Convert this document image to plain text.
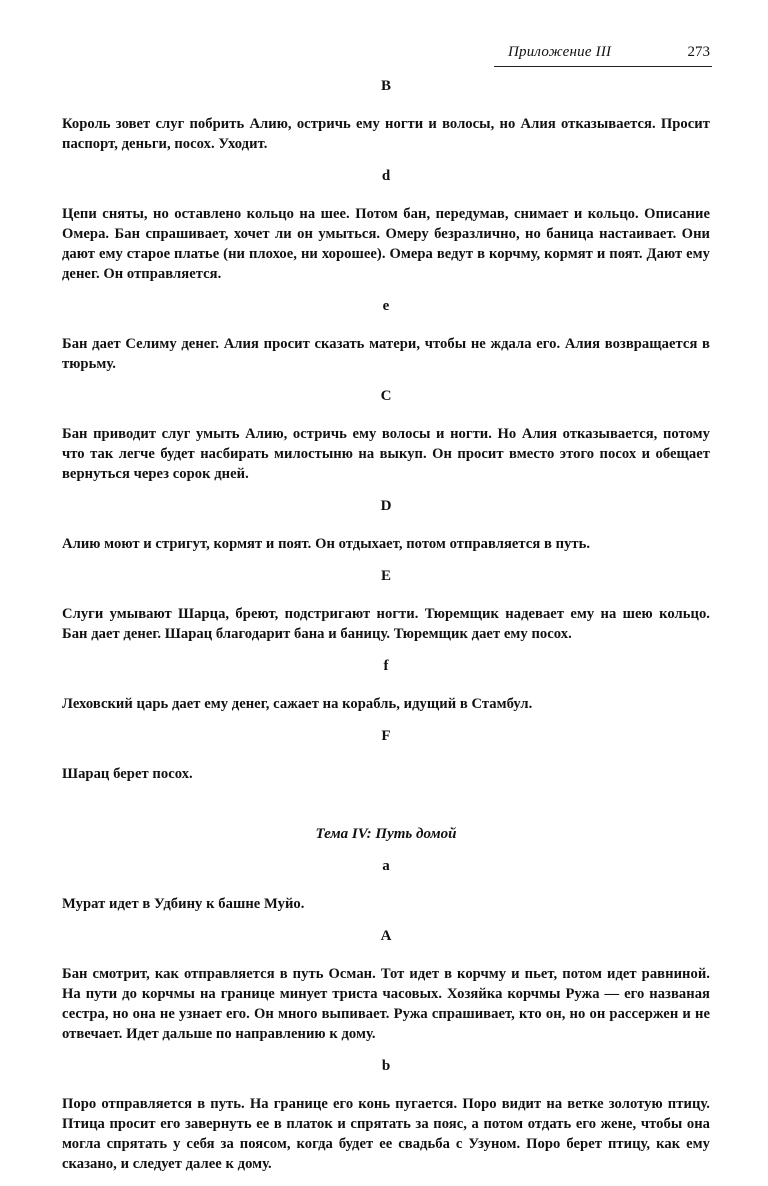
Приложение III	273
B

Король зовет слуг побрить Алию, остричь ему ногти и волосы, но Алия отказывается. Просит паспорт, деньги, посох. Уходит.

d

Цепи сняты, но оставлено кольцо на шее. Потом бан, передумав, снимает и кольцо. Описание Омера. Бан спрашивает, хочет ли он умыться. Омеру безразлично, но баница настаивает. Они дают ему старое платье (ни плохое, ни хорошее). Омера ведут в корчму, кормят и поят. Дают ему денег. Он отправляется.

e

Бан дает Селиму денег. Алия просит сказать матери, чтобы не ждала его. Алия возвращается в тюрьму.

C

Бан приводит слуг умыть Алию, остричь ему волосы и ногти. Но Алия отказывается, потому что так легче будет насбирать милостыню на выкуп. Он просит вместо этого посох и обещает вернуться через сорок дней.

D

Алию моют и стригут, кормят и поят. Он отдыхает, потом отправляется в путь.

E

Слуги умывают Шарца, бреют, подстригают ногти. Тюремщик надевает ему на шею кольцо. Бан дает денег. Шарац благодарит бана и баницу. Тюремщик дает ему посох.

f

Леховский царь дает ему денег, сажает на корабль, идущий в Стамбул.

F

Шарац берет посох.

Тема IV: Путь домой
a

Мурат идет в Удбину к башне Муйо.

A

Бан смотрит, как отправляется в путь Осман. Тот идет в корчму и пьет, потом идет равниной. На пути до корчмы на границе минует триста часовых. Хозяйка корчмы Ружа — его названая сестра, но она не узнает его. Он много выпивает. Ружа спрашивает, кто он, но он рассержен и не отвечает. Идет дальше по направлению к дому.

b

Поро отправляется в путь. На границе его конь пугается. Поро видит на ветке золотую птицу. Птица просит его завернуть ее в платок и спрятать за пояс, а потом отдать его жене, чтобы она могла спрятать у себя за поясом, когда будет ее свадьба с Узуном. Поро берет птицу, как ему сказано, и следует далее к дому.
